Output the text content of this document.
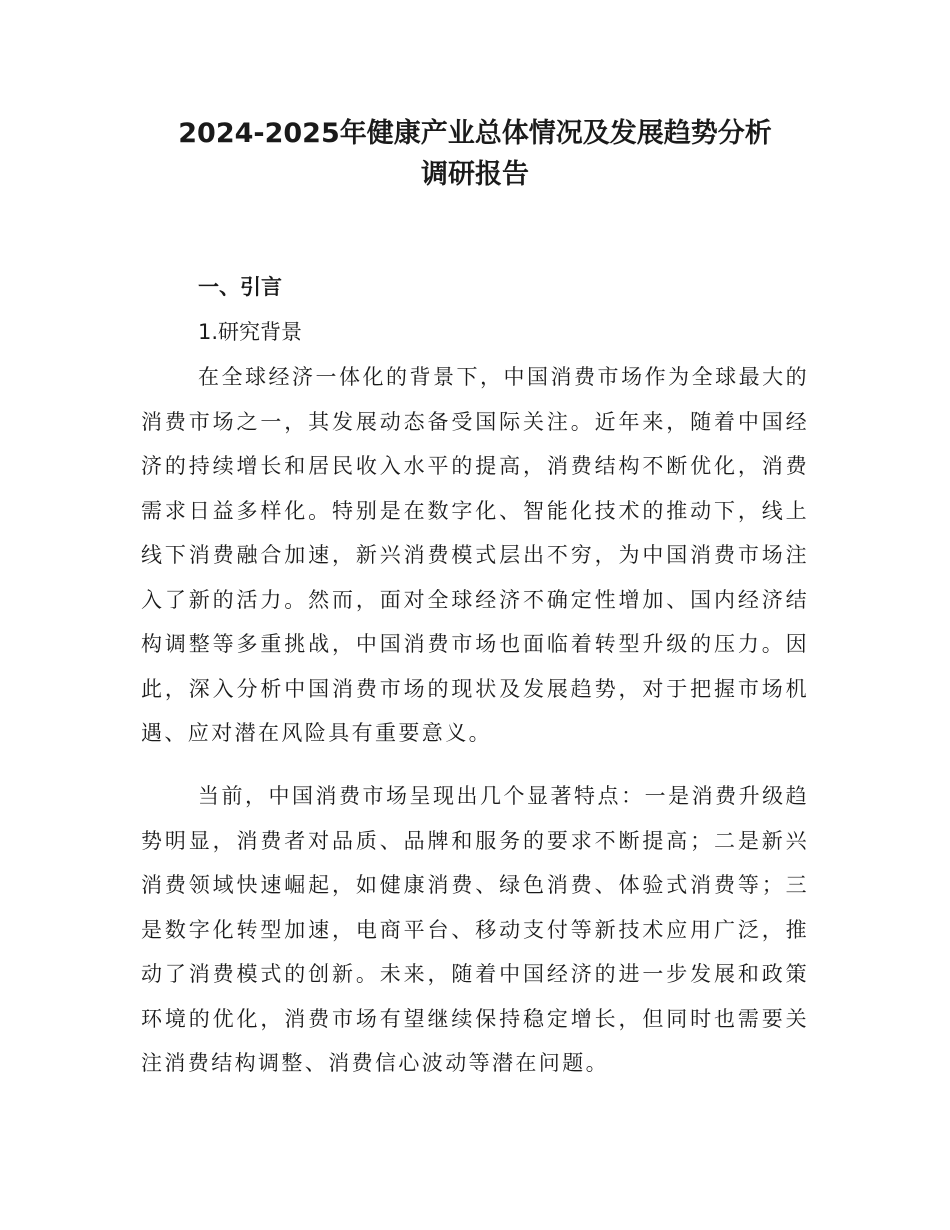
2024-2025年健康产业总体情况及发展趋势分析
调研报告
一、引言
1.研究背景

在全球经济一体化的背景下，中国消费市场作为全球最大的消费市场之一，其发展动态备受国际关注。近年来，随着中国经济的持续增长和居民收入水平的提高，消费结构不断优化，消费需求日益多样化。特别是在数字化、智能化技术的推动下，线上线下消费融合加速，新兴消费模式层出不穷，为中国消费市场注入了新的活力。然而，面对全球经济不确定性增加、国内经济结构调整等多重挑战，中国消费市场也面临着转型升级的压力。因此，深入分析中国消费市场的现状及发展趋势，对于把握市场机遇、应对潜在风险具有重要意义。

当前，中国消费市场呈现出几个显著特点：一是消费升级趋势明显，消费者对品质、品牌和服务的要求不断提高；二是新兴消费领域快速崛起，如健康消费、绿色消费、体验式消费等；三是数字化转型加速，电商平台、移动支付等新技术应用广泛，推动了消费模式的创新。未来，随着中国经济的进一步发展和政策环境的优化，消费市场有望继续保持稳定增长，但同时也需要关注消费结构调整、消费信心波动等潜在问题。
